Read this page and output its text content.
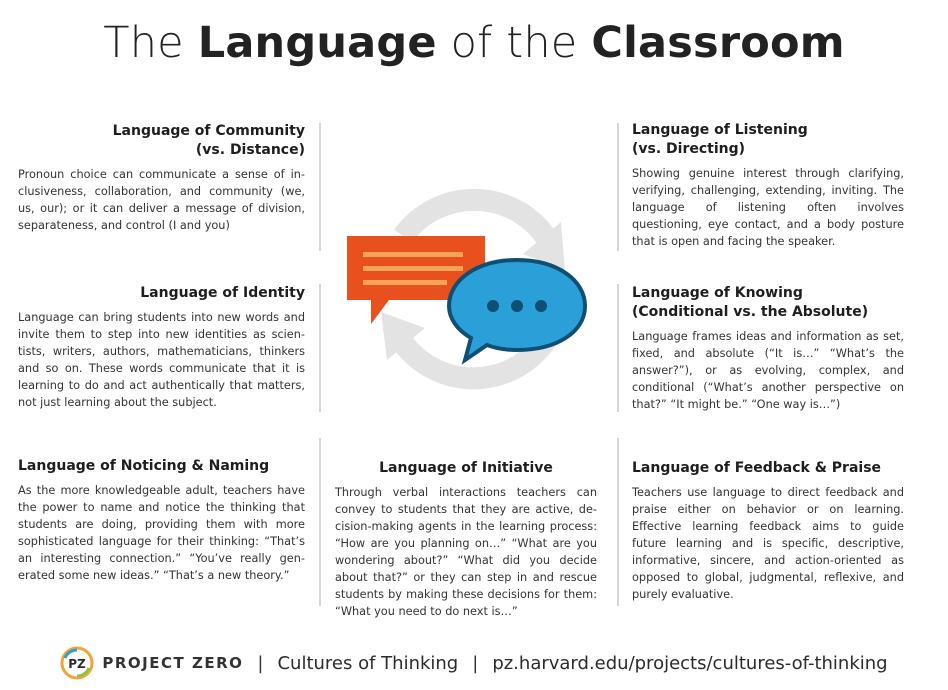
The Language of the Classroom
Language of Community
(vs. Distance)

Pronoun choice can communicate a sense of inclusiveness, collaboration, and community (we, us, our); or it can deliver a message of division, separateness, and control (I and you)

Language of Identity

Language can bring students into new words and invite them to step into new identities as scientists, writers, authors, mathematicians, thinkers and so on. These words communicate that it is learning to do and act authentically that matters, not just learning about the subject.

Language of Noticing & Naming

As the more knowledgeable adult, teachers have the power to name and notice the thinking that students are doing, providing them with more sophisticated language for their thinking: “That’s an interesting connection.” “You’ve really generated some new ideas.” “That’s a new theory.”

Language of Initiative

Through verbal interactions teachers can convey to students that they are active, decision-making agents in the learning process: “How are you planning on…” “What are you wondering about?” “What did you decide about that?” or they can step in and rescue students by making these decisions for them: “What you need to do next is…”

Language of Listening
(vs. Directing)

Showing genuine interest through clarifying, verifying, challenging, extending, inviting. The language of listening often involves questioning, eye contact, and a body posture that is open and facing the speaker.

Language of Knowing
(Conditional vs. the Absolute)

Language frames ideas and information as set, fixed, and absolute (“It is…” “What’s the answer?”), or as evolving, complex, and conditional (“What’s another perspective on that?” “It might be.” “One way is…”)

Language of Feedback & Praise

Teachers use language to direct feedback and praise either on behavior or on learning. Effective learning feedback aims to guide future learning and is specific, descriptive, informative, sincere, and action-oriented as opposed to global, judgmental, reflexive, and purely evaluative.

PZ PROJECT ZERO | Cultures of Thinking | pz.harvard.edu/projects/cultures-of-thinking
